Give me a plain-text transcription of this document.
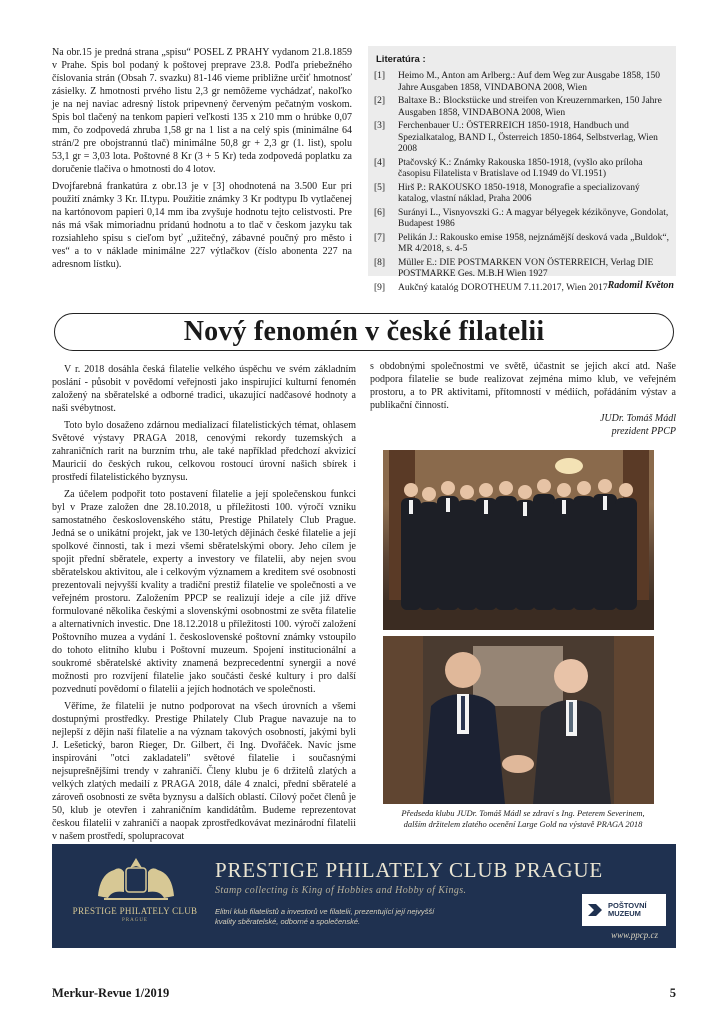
Na obr.15 je predná strana „spisu“ POSEL Z PRAHY vydanom 21.8.1859 v Prahe. Spis bol podaný k poštovej preprave 23.8. Podľa priebežného číslovania strán (Obsah 7. svazku) 81-146 vieme približne určiť hmotnosť zásielky. Z hmotnosti prvého listu 2,3 gr nemôžeme vychádzať, nakoľko je na nej naviac adresný lístok pripevnený červeným pečatným voskom. Spis bol tlačený na tenkom papieri veľkosti 135 x 210 mm o hrúbke 0,07 mm, čo zodpovedá zhruba 1,58 gr na 1 list a na celý spis (minimálne 64 strán/2 pre obojstrannú tlač) minimálne 50,8 gr + 2,3 gr (1. list), spolu 53,1 gr = 3,03 lota. Poštovné 8 Kr (3 + 5 Kr) teda zodpovedá poplatku za doručenie tlačiva o hmotnosti do 4 lotov.

Dvojfarebná frankatúra z obr.13 je v [3] ohodnotená na 3.500 Eur pri použití známky 3 Kr. II.typu. Použitie známky 3 Kr podtypu Ib vytlačenej na kartónovom papieri 0,14 mm iba zvyšuje hodnotu tejto celistvosti. Pre nás má však mimoriadnu prídanú hodnotu a to tlač v českom jazyku tak rozsiahleho spisu s cieľom byť „užitečný, zábavné poučný pro město i ves“ a to v náklade minimálne 227 výtlačkov (číslo abonenta 227 na adresnom lístku).

Literatúra :
[1]	Heimo M., Anton am Arlberg.: Auf dem Weg zur Ausgabe 1858, 150 Jahre Ausgaben 1858, VINDABONA 2008, Wien
[2]	Baltaxe B.: Blockstücke und streifen von Kreuzernmarken, 150 Jahre Ausgaben 1858, VINDABONA 2008, Wien
[3]	Ferchenbauer U.: ÖSTERREICH 1850-1918, Handbuch und Spezialkatalog, BAND I., Österreich 1850-1864, Selbstverlag, Wien 2008
[4]	Ptačovský K.: Známky Rakouska 1850-1918, (vyšlo ako príloha časopisu Filatelista v Bratislave od I.1949 do VI.1951)
[5]	Hirš P.: RAKOUSKO 1850-1918, Monografie a specializovaný katalog, vlastní náklad, Praha 2006
[6]	Surányi L., Visnyovszki G.: A magyar bélyegek kézikönyve, Gondolat, Budapest 1986
[7]	Pelikán J.: Rakousko emise 1958, nejznámější desková vada „Buldok“, MR 4/2018, s. 4-5
[8]	Müller E.: DIE POSTMARKEN VON ÖSTERREICH, Verlag DIE POSTMARKE Ges. M.B.H Wien 1927
[9]	Aukčný katalóg DOROTHEUM 7.11.2017, Wien 2017 Radomil Květon
Nový fenomén v české filatelii

V r. 2018 dosáhla česká filatelie velkého úspěchu ve svém základním poslání - působit v povědomí veřejnosti jako inspirující kulturní fenomén založený na sběratelské a odborné tradici, ukazující nadčasové hodnoty a naši svébytnost.

Toto bylo dosaženo zdárnou medializací filatelistických témat, ohlasem Světové výstavy PRAGA 2018, cenovými rekordy tuzemských a zahraničních rarit na burzním trhu, ale také například předchozí akvizicí Mauricií do českých rukou, celkovou rostoucí úrovní našich sbírek i prostředí filatelistického byznysu.

Za účelem podpořit toto postavení filatelie a její společenskou funkci byl v Praze založen dne 28.10.2018, u příležitosti 100. výročí vzniku samostatného československého státu, Prestige Philately Club Prague. Jedná se o unikátní projekt, jak ve 130-letých dějinách české filatelie a její spolkové činnosti, tak i mezi všemi sběratelskými obory. Jeho cílem je spojit přední sběratele, experty a investory ve filatelii, aby nejen svou sběratelskou aktivitou, ale i celkovým významem a kreditem své osobnosti prezentovali nejvyšší kvality a tradiční prestiž filatelie ve společnosti a ve veřejném prostoru. Založením PPCP se realizují ideje a cíle již dříve formulované několika českými a slovenskými osobnostmi ze světa filatelie a alternativních investic. Dne 18.12.2018 u příležitosti 100. výročí založení Poštovního muzea a vydání 1. československé poštovní známky vstoupilo do tohoto elitního klubu i Poštovní muzeum. Spojení institucionální a soukromé sběratelské aktivity znamená bezprecedentní synergii a nové možnosti pro rozvíjení filatelie jako součásti české kultury i pro další pozvednutí povědomí o filatelii a jejích hodnotách ve společnosti.

Věříme, že filatelii je nutno podporovat na všech úrovních a všemi dostupnými prostředky. Prestige Philately Club Prague navazuje na to nejlepší z dějin naší filatelie a na význam takových osobností, jakými byli J. Lešetický, baron Rieger, Dr. Gilbert, či Ing. Dvořáček. Navíc jsme inspirováni "otci zakladateli" světové filatelie i současnými nejsuprešnějšími trendy v zahraničí. Členy klubu je 6 držitelů zlatých a velkých zlatých medailí z PRAGA 2018, dále 4 znalci, přední sběratelé a zároveň osobnosti ze světa byznysu a dalších oblastí. Cílový počet členů je 50, klub je otevřen i zahraničním kandidátům. Budeme reprezentovat českou filatelii v zahraničí a naopak zprostředkovávat mezinárodní filatelii v našem prostředí, spolupracovat

s obdobnými společnostmi ve světě, účastnit se jejich akcí atd. Naše podpora filatelie se bude realizovat zejména mimo klub, ve veřejném prostoru, a to PR aktivitami, přítomností v médiích, pořádáním výstav a publikační činností.

JUDr. Tomáš Mádl
prezident PPCP
Předseda klubu JUDr. Tomáš Mádl se zdraví s Ing. Peterem Severinem,
dalším držitelem zlatého ocenění Large Gold na výstavě PRAGA 2018
PRESTIGE PHILATELY CLUB
PRAGUE
PRESTIGE PHILATELY CLUB PRAGUE
Stamp collecting is King of Hobbies and Hobby of Kings.
Elitní klub filatelistů a investorů ve filatelii, prezentující její nejvyšší kvality sběratelské, odborné a společenské.
POŠTOVNÍ
MUZEUM
www.ppcp.cz
Merkur-Revue 1/2019	5
